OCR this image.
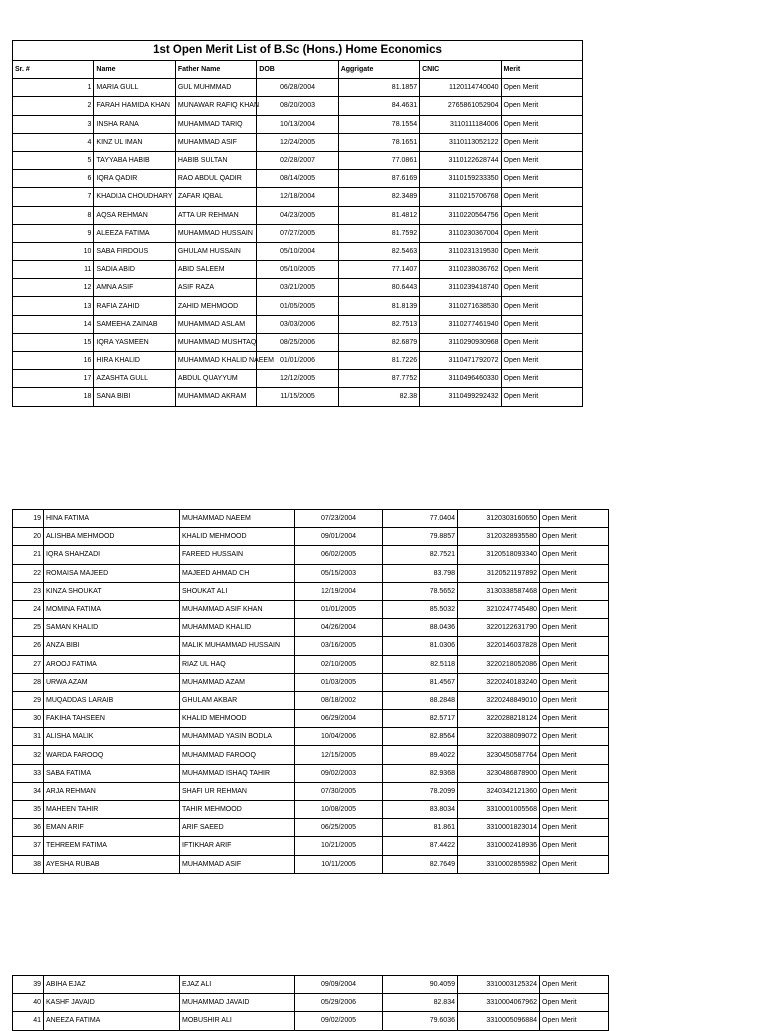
1st Open Merit List of B.Sc (Hons.) Home Economics						
Sr. #	Name	Father Name	DOB	Aggrigate	CNIC	Merit
1	MARIA GULL	GUL MUHMMAD	06/28/2004	81.1857	1120114740040	Open Merit
2	FARAH HAMIDA KHAN	MUNAWAR RAFIQ KHAN	08/20/2003	84.4631	2765861052904	Open Merit
3	INSHA RANA	MUHAMMAD TARIQ	10/13/2004	78.1554	3110111184006	Open Merit
4	KINZ UL IMAN	MUHAMMAD ASIF	12/24/2005	78.1651	3110113052122	Open Merit
5	TAYYABA HABIB	HABIB SULTAN	02/28/2007	77.0861	3110122628744	Open Merit
6	IQRA QADIR	RAO ABDUL QADIR	08/14/2005	87.6169	3110159233350	Open Merit
7	KHADIJA CHOUDHARY	ZAFAR IQBAL	12/18/2004	82.3489	3110215706768	Open Merit
8	AQSA REHMAN	ATTA UR REHMAN	04/23/2005	81.4812	3110220564756	Open Merit
9	ALEEZA FATIMA	MUHAMMAD HUSSAIN	07/27/2005	81.7592	3110230367004	Open Merit
10	SABA FIRDOUS	GHULAM HUSSAIN	05/10/2004	82.5463	3110231319530	Open Merit
11	SADIA ABID	ABID SALEEM	05/10/2005	77.1407	3110238036762	Open Merit
12	AMNA ASIF	ASIF RAZA	03/21/2005	80.6443	3110239418740	Open Merit
13	RAFIA ZAHID	ZAHID MEHMOOD	01/05/2005	81.8139	3110271638530	Open Merit
14	SAMEEHA ZAINAB	MUHAMMAD ASLAM	03/03/2006	82.7513	3110277461940	Open Merit
15	IQRA YASMEEN	MUHAMMAD MUSHTAQ	08/25/2006	82.6879	3110290930968	Open Merit
16	HIRA KHALID	MUHAMMAD KHALID NAEEM	01/01/2006	81.7226	3110471792072	Open Merit
17	AZASHTA GULL	ABDUL QUAYYUM	12/12/2005	87.7752	3110496460330	Open Merit
18	SANA BIBI	MUHAMMAD AKRAM	11/15/2005	82.38	3110499292432	Open Merit
19	HINA FATIMA	MUHAMMAD NAEEM	07/23/2004	77.0404	3120303160650	Open Merit
20	ALISHBA MEHMOOD	KHALID MEHMOOD	09/01/2004	79.8857	3120328935580	Open Merit
21	IQRA SHAHZADI	FAREED HUSSAIN	06/02/2005	82.7521	3120518093340	Open Merit
22	ROMAISA MAJEED	MAJEED AHMAD CH	05/15/2003	83.798	3120521197892	Open Merit
23	KINZA SHOUKAT	SHOUKAT ALI	12/19/2004	78.5652	3130338587468	Open Merit
24	MOMINA FATIMA	MUHAMMAD ASIF KHAN	01/01/2005	85.5032	3210247745480	Open Merit
25	SAMAN KHALID	MUHAMMAD KHALID	04/26/2004	88.0436	3220122631790	Open Merit
26	ANZA BIBI	MALIK MUHAMMAD HUSSAIN	03/16/2005	81.0306	3220146037828	Open Merit
27	AROOJ FATIMA	RIAZ UL HAQ	02/10/2005	82.5118	3220218052086	Open Merit
28	URWA AZAM	MUHAMMAD AZAM	01/03/2005	81.4567	3220240183240	Open Merit
29	MUQADDAS LARAIB	GHULAM AKBAR	08/18/2002	88.2848	3220248849010	Open Merit
30	FAKIHA TAHSEEN	KHALID MEHMOOD	06/29/2004	82.5717	3220288218124	Open Merit
31	ALISHA MALIK	MUHAMMAD YASIN BODLA	10/04/2006	82.8564	3220388099072	Open Merit
32	WARDA FAROOQ	MUHAMMAD FAROOQ	12/15/2005	89.4022	3230450587764	Open Merit
33	SABA FATIMA	MUHAMMAD ISHAQ TAHIR	09/02/2003	82.9368	3230486878900	Open Merit
34	ARJA REHMAN	SHAFI UR REHMAN	07/30/2005	78.2099	3240342121360	Open Merit
35	MAHEEN TAHIR	TAHIR MEHMOOD	10/08/2005	83.8034	3310001005568	Open Merit
36	EMAN ARIF	ARIF SAEED	06/25/2005	81.861	3310001823014	Open Merit
37	TEHREEM FATIMA	IFTIKHAR ARIF	10/21/2005	87.4422	3310002418936	Open Merit
38	AYESHA RUBAB	MUHAMMAD ASIF	10/11/2005	82.7649	3310002855982	Open Merit
39	ABIHA EJAZ	EJAZ ALI	09/09/2004	90.4059	3310003125324	Open Merit
40	KASHF JAVAID	MUHAMMAD JAVAID	05/29/2006	82.834	3310004067962	Open Merit
41	ANEEZA FATIMA	MOBUSHIR ALI	09/02/2005	79.6036	3310005096884	Open Merit
